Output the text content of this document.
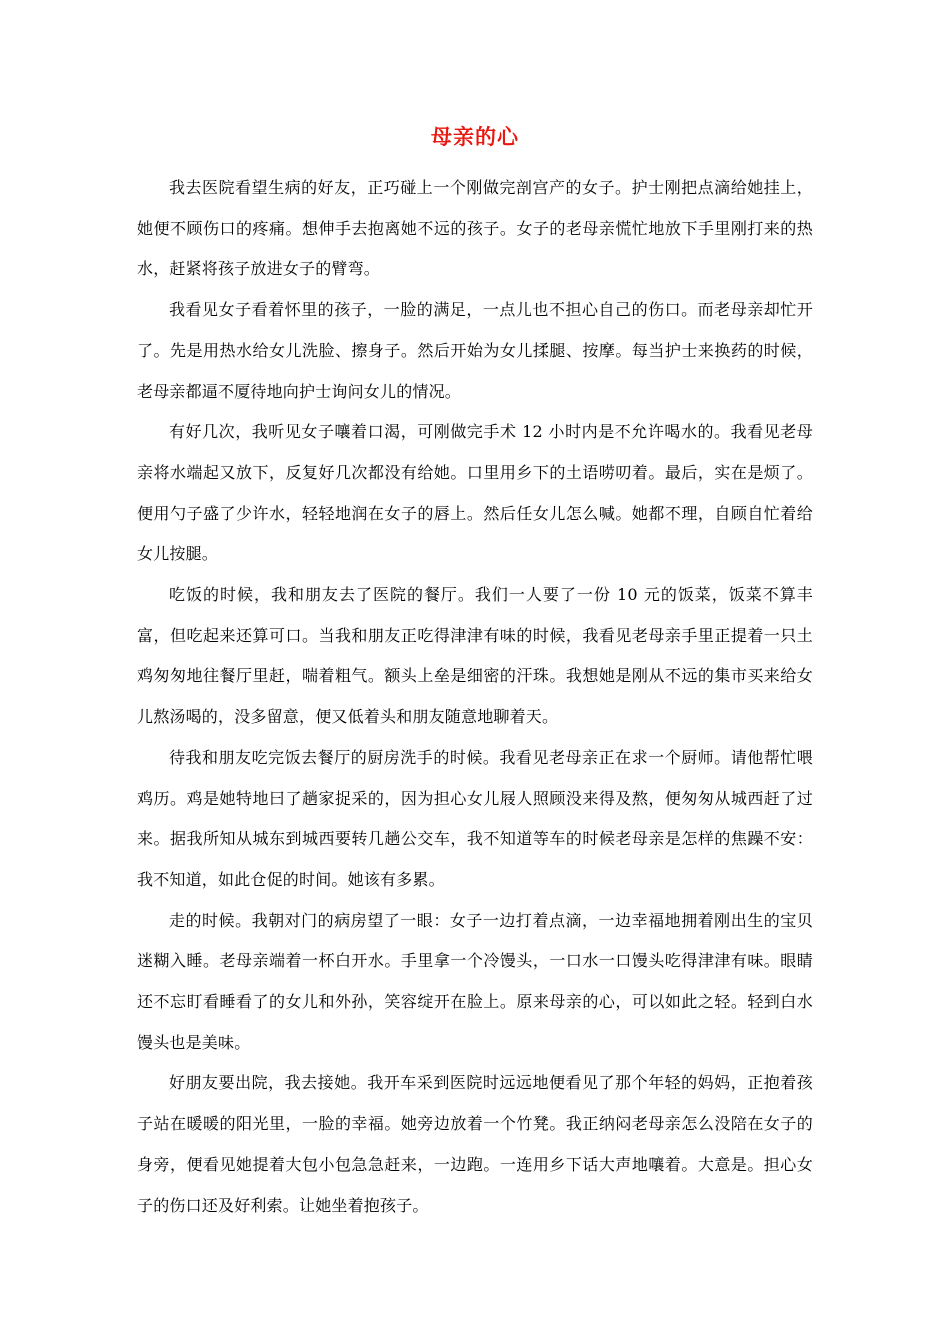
母亲的心

我去医院看望生病的好友，正巧碰上一个刚做完剖宫产的女子。护士刚把点滴给她挂上，她便不顾伤口的疼痛。想伸手去抱离她不远的孩子。女子的老母亲慌忙地放下手里刚打来的热水，赶紧将孩子放进女子的臂弯。

我看见女子看着怀里的孩子，一脸的满足，一点儿也不担心自己的伤口。而老母亲却忙开了。先是用热水给女儿洗脸、擦身子。然后开始为女儿揉腿、按摩。每当护士来换药的时候，老母亲都逼不厦待地向护士询问女儿的情况。

有好几次，我听见女子嚷着口渴，可刚做完手术 12 小时内是不允许喝水的。我看见老母亲将水端起又放下，反复好几次都没有给她。口里用乡下的土语唠叨着。最后，实在是烦了。便用勺子盛了少许水，轻轻地润在女子的唇上。然后任女儿怎么喊。她都不理，自顾自忙着给女儿按腿。

吃饭的时候，我和朋友去了医院的餐厅。我们一人要了一份 10 元的饭菜，饭菜不算丰富，但吃起来还算可口。当我和朋友正吃得津津有味的时候，我看见老母亲手里正提着一只土鸡匆匆地往餐厅里赶，喘着粗气。额头上垒是细密的汗珠。我想她是刚从不远的集市买来给女儿熬汤喝的，没多留意，便又低着头和朋友随意地聊着天。

待我和朋友吃完饭去餐厅的厨房洗手的时候。我看见老母亲正在求一个厨师。请他帮忙喂鸡历。鸡是她特地曰了趟家捉采的，因为担心女儿屐人照顾没来得及熬，便匆匆从城西赶了过来。据我所知从城东到城西要转几趟公交车，我不知道等车的时候老母亲是怎样的焦躁不安：我不知道，如此仓促的时间。她该有多累。

走的时候。我朝对门的病房望了一眼：女子一边打着点滴，一边幸福地拥着刚出生的宝贝迷糊入睡。老母亲端着一杯白开水。手里拿一个冷馒头，一口水一口馒头吃得津津有味。眼睛还不忘盯看睡看了的女儿和外孙，笑容绽开在脸上。原来母亲的心，可以如此之轻。轻到白水馒头也是美味。

好朋友要出院，我去接她。我开车采到医院时远远地便看见了那个年轻的妈妈，正抱着孩子站在暖暖的阳光里，一脸的幸福。她旁边放着一个竹凳。我正纳闷老母亲怎么没陪在女子的身旁，便看见她提着大包小包急急赶来，一边跑。一连用乡下话大声地嚷着。大意是。担心女子的伤口还及好利索。让她坐着抱孩子。
